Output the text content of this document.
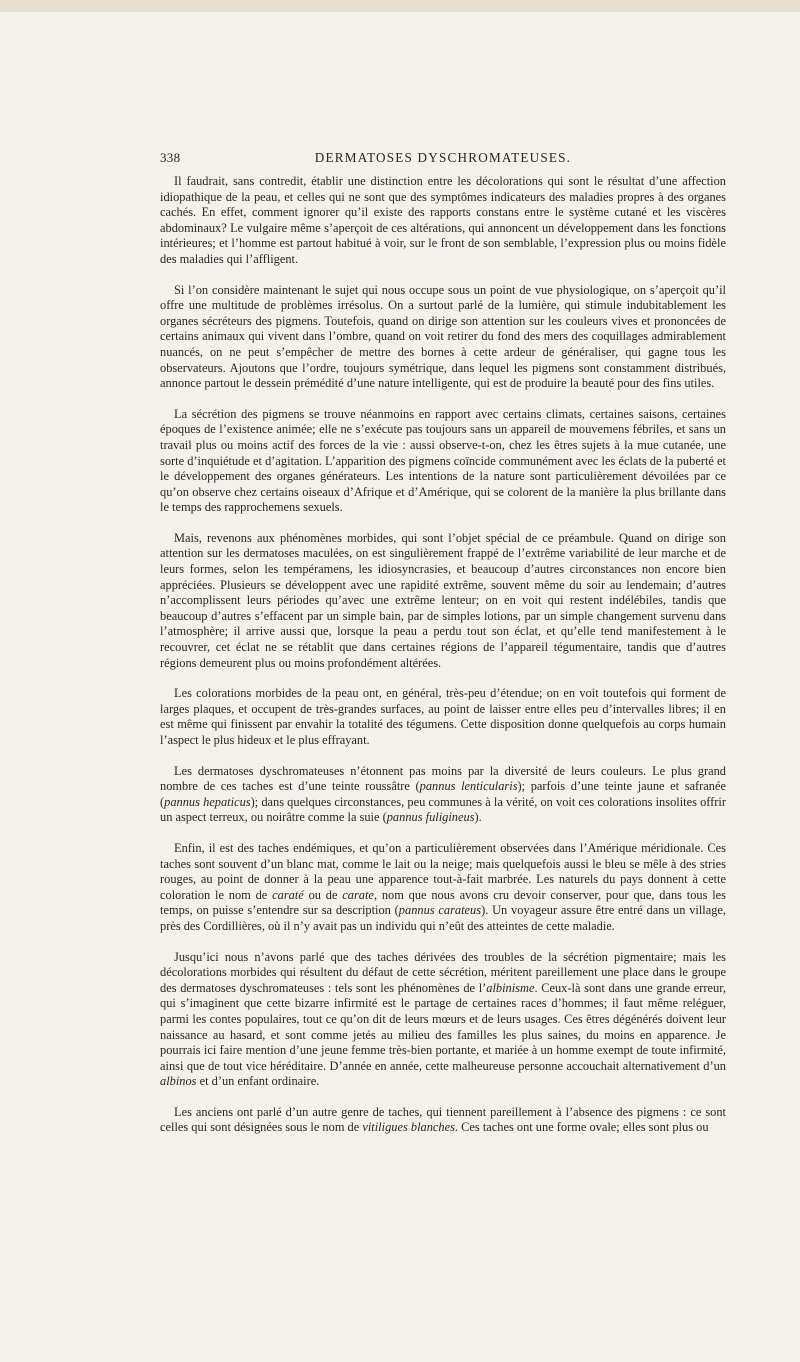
338	DERMATOSES DYSCHROMATEUSES.

Il faudrait, sans contredit, établir une distinction entre les décolorations qui sont le résultat d’une affection idiopathique de la peau, et celles qui ne sont que des symptômes indicateurs des maladies propres à des organes cachés. En effet, comment ignorer qu’il existe des rapports constans entre le système cutané et les viscères abdominaux? Le vulgaire même s’aperçoit de ces altérations, qui annoncent un développement dans les fonctions intérieures; et l’homme est partout habitué à voir, sur le front de son semblable, l’expression plus ou moins fidèle des maladies qui l’affligent.

Si l’on considère maintenant le sujet qui nous occupe sous un point de vue physiologique, on s’aperçoit qu’il offre une multitude de problèmes irrésolus. On a surtout parlé de la lumière, qui stimule indubitablement les organes sécréteurs des pigmens. Toutefois, quand on dirige son attention sur les couleurs vives et prononcées de certains animaux qui vivent dans l’ombre, quand on voit retirer du fond des mers des coquillages admirablement nuancés, on ne peut s’empêcher de mettre des bornes à cette ardeur de généraliser, qui gagne tous les observateurs. Ajoutons que l’ordre, toujours symétrique, dans lequel les pigmens sont constamment distribués, annonce partout le dessein prémédité d’une nature intelligente, qui est de produire la beauté pour des fins utiles.

La sécrétion des pigmens se trouve néanmoins en rapport avec certains climats, certaines saisons, certaines époques de l’existence animée; elle ne s’exécute pas toujours sans un appareil de mouvemens fébriles, et sans un travail plus ou moins actif des forces de la vie : aussi observe-t-on, chez les êtres sujets à la mue cutanée, une sorte d’inquiétude et d’agitation. L’apparition des pigmens coïncide communément avec les éclats de la puberté et le développement des organes générateurs. Les intentions de la nature sont particulièrement dévoilées par ce qu’on observe chez certains oiseaux d’Afrique et d’Amérique, qui se colorent de la manière la plus brillante dans le temps des rapprochemens sexuels.

Mais, revenons aux phénomènes morbides, qui sont l’objet spécial de ce préambule. Quand on dirige son attention sur les dermatoses maculées, on est singulièrement frappé de l’extrême variabilité de leur marche et de leurs formes, selon les tempéramens, les idiosyncrasies, et beaucoup d’autres circonstances non encore bien appréciées. Plusieurs se développent avec une rapidité extrême, souvent même du soir au lendemain; d’autres n’accomplissent leurs périodes qu’avec une extrême lenteur; on en voit qui restent indélébiles, tandis que beaucoup d’autres s’effacent par un simple bain, par de simples lotions, par un simple changement survenu dans l’atmosphère; il arrive aussi que, lorsque la peau a perdu tout son éclat, et qu’elle tend manifestement à le recouvrer, cet éclat ne se rétablit que dans certaines régions de l’appareil tégumentaire, tandis que d’autres régions demeurent plus ou moins profondément altérées.

Les colorations morbides de la peau ont, en général, très-peu d’étendue; on en voit toutefois qui forment de larges plaques, et occupent de très-grandes surfaces, au point de laisser entre elles peu d’intervalles libres; il en est même qui finissent par envahir la totalité des tégumens. Cette disposition donne quelquefois au corps humain l’aspect le plus hideux et le plus effrayant.

Les dermatoses dyschromateuses n’étonnent pas moins par la diversité de leurs couleurs. Le plus grand nombre de ces taches est d’une teinte roussâtre (pannus lenticularis); parfois d’une teinte jaune et safranée (pannus hepaticus); dans quelques circonstances, peu communes à la vérité, on voit ces colorations insolites offrir un aspect terreux, ou noirâtre comme la suie (pannus fuligineus).

Enfin, il est des taches endémiques, et qu’on a particulièrement observées dans l’Amérique méridionale. Ces taches sont souvent d’un blanc mat, comme le lait ou la neige; mais quelquefois aussi le bleu se mêle à des stries rouges, au point de donner à la peau une apparence tout-à-fait marbrée. Les naturels du pays donnent à cette coloration le nom de caraté ou de carate, nom que nous avons cru devoir conserver, pour que, dans tous les temps, on puisse s’entendre sur sa description (pannus carateus). Un voyageur assure être entré dans un village, près des Cordillières, où il n’y avait pas un individu qui n’eût des atteintes de cette maladie.

Jusqu’ici nous n’avons parlé que des taches dérivées des troubles de la sécrétion pigmentaire; mais les décolorations morbides qui résultent du défaut de cette sécrétion, méritent pareillement une place dans le groupe des dermatoses dyschromateuses : tels sont les phénomènes de l’albinisme. Ceux-là sont dans une grande erreur, qui s’imaginent que cette bizarre infirmité est le partage de certaines races d’hommes; il faut même reléguer, parmi les contes populaires, tout ce qu’on dit de leurs mœurs et de leurs usages. Ces êtres dégénérés doivent leur naissance au hasard, et sont comme jetés au milieu des familles les plus saines, du moins en apparence. Je pourrais ici faire mention d’une jeune femme très-bien portante, et mariée à un homme exempt de toute infirmité, ainsi que de tout vice héréditaire. D’année en année, cette malheureuse personne accouchait alternativement d’un albinos et d’un enfant ordinaire.

Les anciens ont parlé d’un autre genre de taches, qui tiennent pareillement à l’absence des pigmens : ce sont celles qui sont désignées sous le nom de vitiligues blanches. Ces taches ont une forme ovale; elles sont plus ou
